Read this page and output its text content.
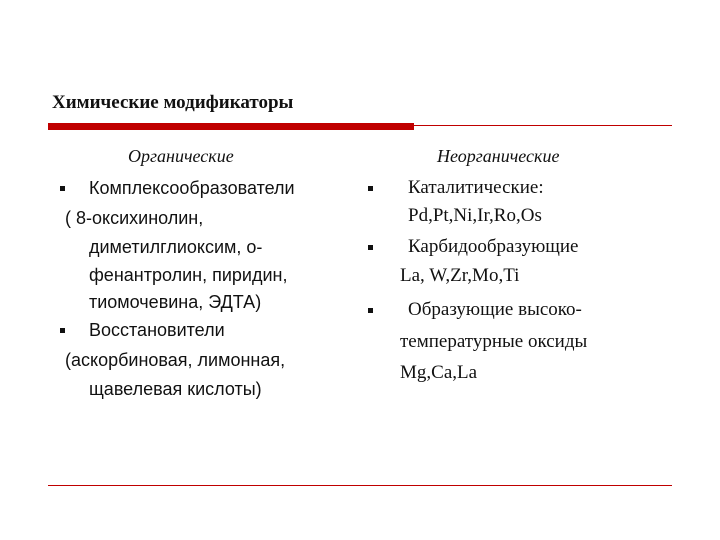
Химические модификаторы
Органические
Комплексообразователи
( 8-оксихинолин,
диметилглиоксим, о-
фенантролин, пиридин,
тиомочевина, ЭДТА)
Восстановители
(аскорбиновая, лимонная,
щавелевая кислоты)
Неорганические
Каталитические:
Pd,Pt,Ni,Ir,Ro,Os
Карбидообразующие
La, W,Zr,Mo,Ti
Образующие высоко-
температурные оксиды
Mg,Ca,La
